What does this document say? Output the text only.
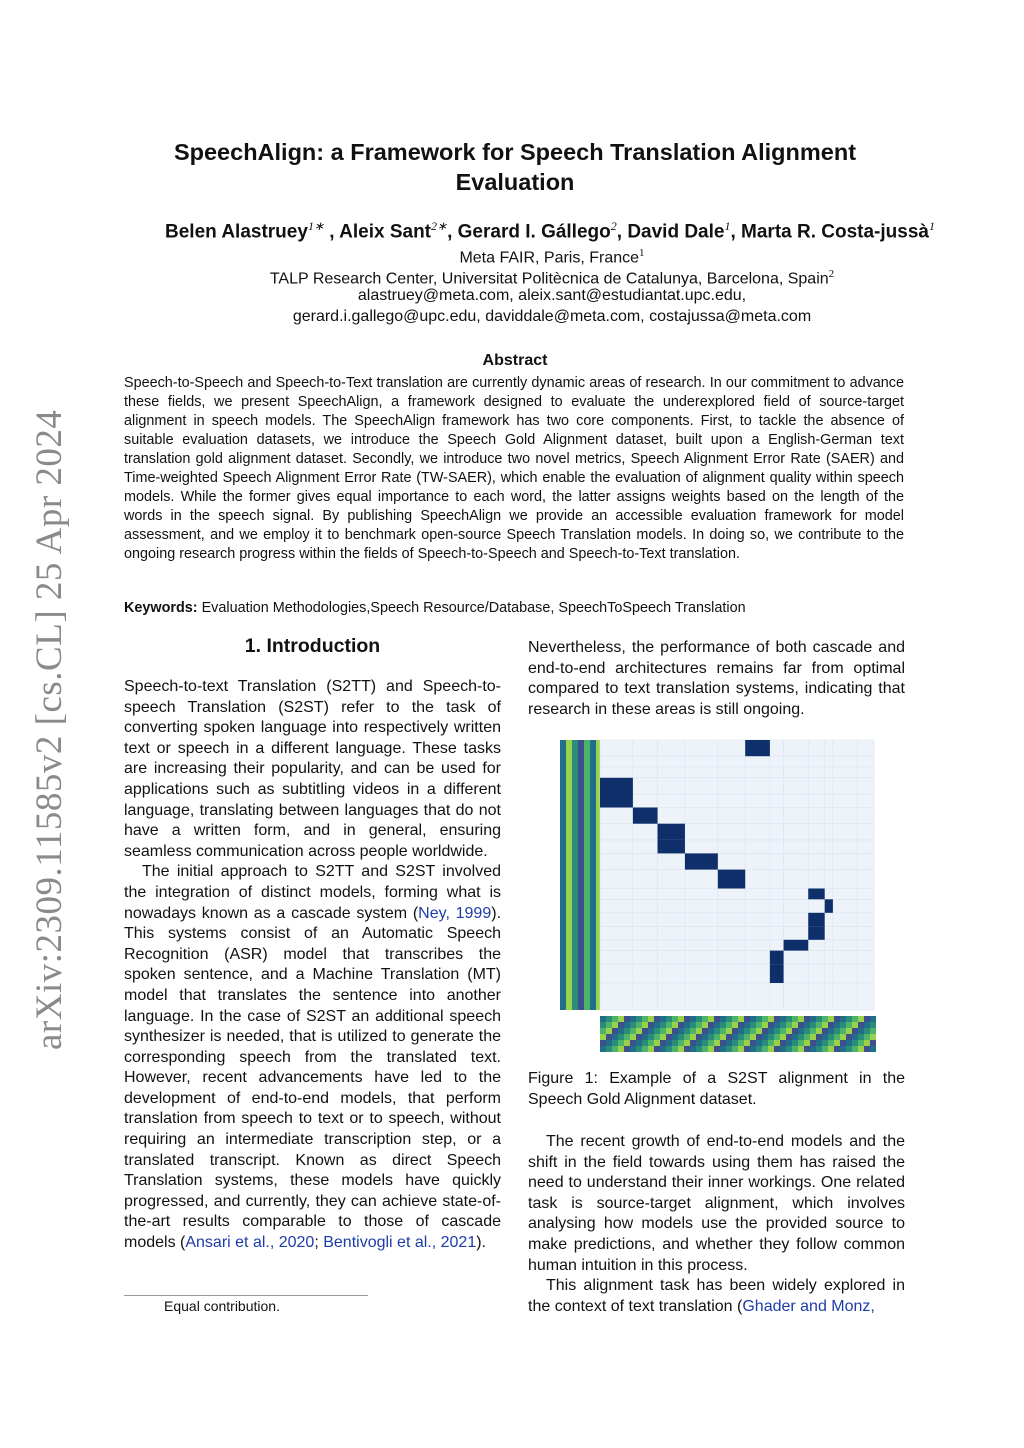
arXiv:2309.11585v2 [cs.CL] 25 Apr 2024
SpeechAlign: a Framework for Speech Translation Alignment
Evaluation
Belen Alastruey$^{1∗}$ , Aleix Sant$^{2∗}$, Gerard I. Gállego$^2$, David Dale$^1$, Marta R. Costa-jussà$^1$
Meta FAIR, Paris, France$^1$
TALP Research Center, Universitat Politècnica de Catalunya, Barcelona, Spain$^2$
alastruey@meta.com, aleix.sant@estudiantat.upc.edu,
gerard.i.gallego@upc.edu, daviddale@meta.com, costajussa@meta.com
Abstract
Speech-to-Speech and Speech-to-Text translation are currently dynamic areas of research. In our commitment to advance these fields, we present SpeechAlign, a framework designed to evaluate the underexplored field of source-target alignment in speech models. The SpeechAlign framework has two core components. First, to tackle the absence of suitable evaluation datasets, we introduce the Speech Gold Alignment dataset, built upon a English-German text translation gold alignment dataset. Secondly, we introduce two novel metrics, Speech Alignment Error Rate (SAER) and Time-weighted Speech Alignment Error Rate (TW-SAER), which enable the evaluation of alignment quality within speech models. While the former gives equal importance to each word, the latter assigns weights based on the length of the words in the speech signal. By publishing SpeechAlign we provide an accessible evaluation framework for model assessment, and we employ it to benchmark open-source Speech Translation models. In doing so, we contribute to the ongoing research progress within the fields of Speech-to-Speech and Speech-to-Text translation.
Keywords: Evaluation Methodologies,Speech Resource/Database, SpeechToSpeech Translation
1. Introduction

Speech-to-text Translation (S2TT) and Speech-to-speech Translation (S2ST) refer to the task of converting spoken language into respectively written text or speech in a different language. These tasks are increasing their popularity, and can be used for applications such as subtitling videos in a different language, translating between languages that do not have a written form, and in general, ensuring seamless communication across people worldwide.

The initial approach to S2TT and S2ST involved the integration of distinct models, forming what is nowadays known as a cascade system (Ney, 1999). This systems consist of an Automatic Speech Recognition (ASR) model that transcribes the spoken sentence, and a Machine Translation (MT) model that translates the sentence into another language. In the case of S2ST an additional speech synthesizer is needed, that is utilized to generate the corresponding speech from the translated text. However, recent advancements have led to the development of end-to-end models, that perform translation from speech to text or to speech, without requiring an intermediate transcription step, or a translated transcript. Known as direct Speech Translation systems, these models have quickly progressed, and currently, they can achieve state-of-the-art results comparable to those of cascade models (Ansari et al., 2020; Bentivogli et al., 2021).

Equal contribution.

Nevertheless, the performance of both cascade and end-to-end architectures remains far from optimal compared to text translation systems, indicating that research in these areas is still ongoing.

Figure 1: Example of a S2ST alignment in the Speech Gold Alignment dataset.

The recent growth of end-to-end models and the shift in the field towards using them has raised the need to understand their inner workings. One related task is source-target alignment, which involves analysing how models use the provided source to make predictions, and whether they follow common human intuition in this process.

This alignment task has been widely explored in the context of text translation (Ghader and Monz,
